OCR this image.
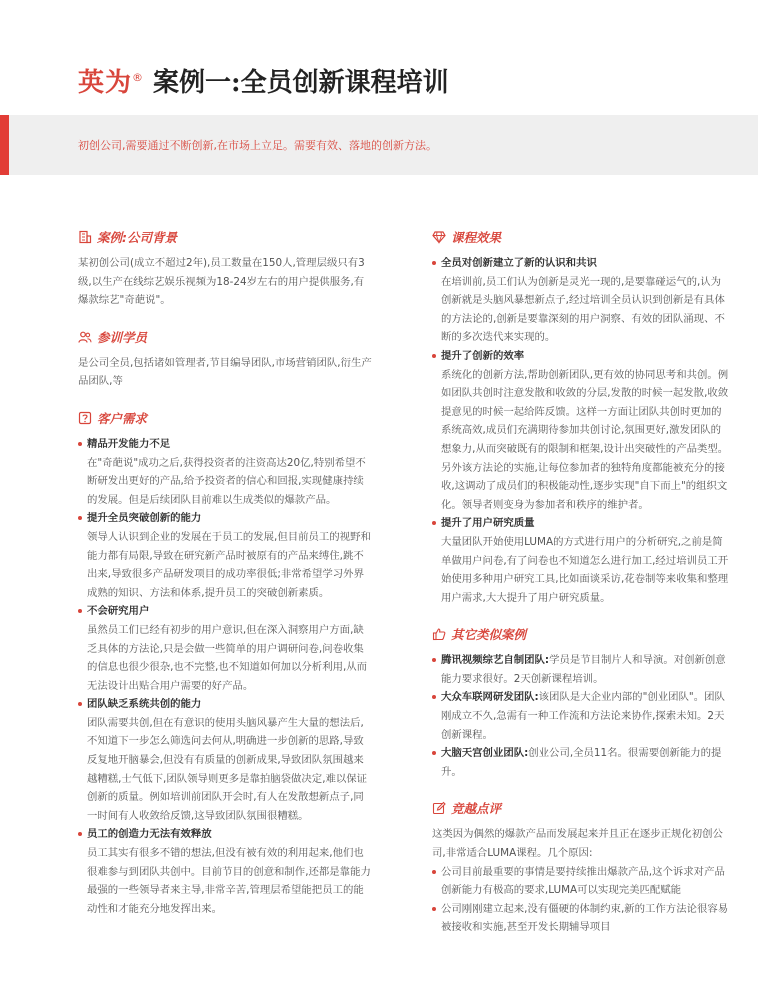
英为 ® 案例一:全员创新课程培训
初创公司,需要通过不断创新,在市场上立足。需要有效、落地的创新方法。
案例:公司背景

某初创公司(成立不超过2年),员工数量在150人,管理层级只有3级,以生产在线综艺娱乐视频为18-24岁左右的用户提供服务,有爆款综艺"奇葩说"。

参训学员

是公司全员,包括诸如管理者,节目编导团队,市场营销团队,衍生产品团队,等

客户需求
精品开发能力不足

在"奇葩说"成功之后,获得投资者的注资高达20亿,特别希望不断研发出更好的产品,给予投资者的信心和回报,实现健康持续的发展。但是后续团队目前难以生成类似的爆款产品。

提升全员突破创新的能力

领导人认识到企业的发展在于员工的发展,但目前员工的视野和能力都有局限,导致在研究新产品时被原有的产品来缚住,跳不出来,导致很多产品研发项目的成功率很低;非常希望学习外界成熟的知识、方法和体系,提升员工的突破创新素质。

不会研究用户

虽然员工们已经有初步的用户意识,但在深入洞察用户方面,缺乏具体的方法论,只是会做一些简单的用户调研问卷,问卷收集的信息也很少很杂,也不完整,也不知道如何加以分析利用,从而无法设计出贴合用户需要的好产品。

团队缺乏系统共创的能力

团队需要共创,但在有意识的使用头脑风暴产生大量的想法后,不知道下一步怎么筛选问去何从,明确进一步创新的思路,导致反复地开脑暴会,但没有有质量的创新成果,导致团队氛围越来越糟糕,士气低下,团队领导则更多是靠拍脑袋做决定,难以保证创新的质量。例如培训前团队开会时,有人在发散想新点子,同一时间有人收敛给反馈,这导致团队氛围很糟糕。

员工的创造力无法有效释放

员工其实有很多不错的想法,但没有被有效的利用起来,他们也很难参与到团队共创中。目前节目的创意和制作,还都是靠能力最强的一些领导者来主导,非常辛苦,管理层希望能把员工的能动性和才能充分地发挥出来。

课程效果
全员对创新建立了新的认识和共识

在培训前,员工们认为创新是灵光一现的,是要靠碰运气的,认为创新就是头脑风暴想新点子,经过培训全员认识到创新是有具体的方法论的,创新是要靠深刻的用户洞察、有效的团队涌现、不断的多次迭代来实现的。

提升了创新的效率

系统化的创新方法,帮助创新团队,更有效的协同思考和共创。例如团队共创时注意发散和收敛的分层,发散的时候一起发散,收敛提意见的时候一起给阵反馈。这样一方面让团队共创时更加的系统高效,成员们充满期待参加共创讨论,氛围更好,激发团队的想象力,从而突破既有的限制和框架,设计出突破性的产品类型。另外该方法论的实施,让每位参加者的独特角度都能被充分的接收,这调动了成员们的积极能动性,逐步实现"自下而上"的组织文化。领导者则变身为参加者和秩序的维护者。

提升了用户研究质量

大量团队开始使用LUMA的方式进行用户的分析研究,之前是简单做用户问卷,有了问卷也不知道怎么进行加工,经过培训员工开始使用多种用户研究工具,比如面谈采访,花卷制等来收集和整理用户需求,大大提升了用户研究质量。

其它类似案例
腾讯视频综艺自制团队:学员是节目制片人和导演。对创新创意能力要求很好。2天创新课程培训。
大众车联网研发团队:该团队是大企业内部的"创业团队"。团队刚成立不久,急需有一种工作流和方法论来协作,探索未知。2天创新课程。
大脑天宫创业团队:创业公司,全员11名。很需要创新能力的提升。
竞越点评

这类因为偶然的爆款产品而发展起来并且正在逐步正规化初创公司,非常适合LUMA课程。几个原因:

公司目前最重要的事情是要持续推出爆款产品,这个诉求对产品创新能力有极高的要求,LUMA可以实现完美匹配赋能
公司刚刚建立起来,没有僵硬的体制约束,新的工作方法论很容易被接收和实施,甚至开发长期辅导项目
